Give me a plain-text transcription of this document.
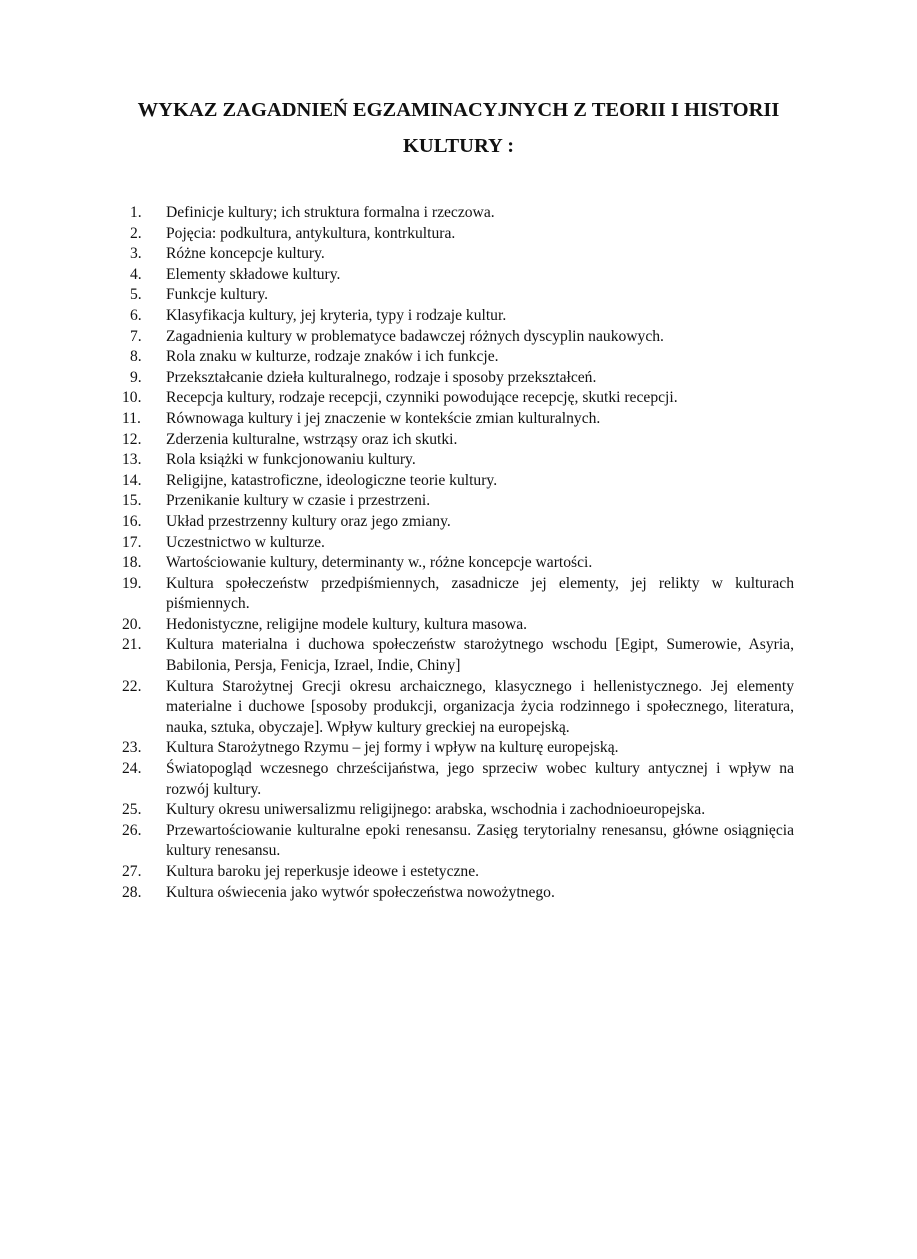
WYKAZ ZAGADNIEŃ EGZAMINACYJNYCH Z TEORII I HISTORII
KULTURY :
1.	Definicje kultury; ich struktura formalna i rzeczowa.
2.	Pojęcia: podkultura, antykultura, kontrkultura.
3.	Różne koncepcje kultury.
4.	Elementy składowe kultury.
5.	Funkcje kultury.
6.	Klasyfikacja kultury, jej kryteria, typy i rodzaje kultur.
7.	Zagadnienia kultury w problematyce badawczej różnych dyscyplin naukowych.
8.	Rola znaku w kulturze, rodzaje znaków i ich funkcje.
9.	Przekształcanie dzieła kulturalnego, rodzaje i sposoby przekształceń.
10.	Recepcja kultury, rodzaje recepcji, czynniki powodujące recepcję, skutki recepcji.
11.	Równowaga kultury i jej znaczenie w kontekście zmian kulturalnych.
12.	Zderzenia kulturalne, wstrząsy oraz ich skutki.
13.	Rola książki w funkcjonowaniu kultury.
14.	Religijne, katastroficzne, ideologiczne teorie kultury.
15.	Przenikanie kultury w czasie i przestrzeni.
16.	Układ przestrzenny kultury oraz jego zmiany.
17.	Uczestnictwo w kulturze.
18.	Wartościowanie kultury, determinanty w., różne koncepcje wartości.
19.	Kultura społeczeństw przedpiśmiennych, zasadnicze jej elementy, jej relikty w kulturach piśmiennych.
20.	Hedonistyczne, religijne modele kultury, kultura masowa.
21.	Kultura materialna i duchowa społeczeństw starożytnego wschodu [Egipt, Sumerowie, Asyria, Babilonia, Persja, Fenicja, Izrael, Indie, Chiny]
22.	Kultura Starożytnej Grecji okresu archaicznego, klasycznego i hellenistycznego. Jej elementy materialne i duchowe [sposoby produkcji, organizacja życia rodzinnego i społecznego, literatura, nauka, sztuka, obyczaje]. Wpływ kultury greckiej na europejską.
23.	Kultura Starożytnego Rzymu – jej formy i wpływ na kulturę europejską.
24.	Światopogląd wczesnego chrześcijaństwa, jego sprzeciw wobec kultury antycznej i wpływ na rozwój kultury.
25.	Kultury okresu uniwersalizmu religijnego: arabska, wschodnia i zachodnioeuropejska.
26.	Przewartościowanie kulturalne epoki renesansu. Zasięg terytorialny renesansu, główne osiągnięcia kultury renesansu.
27.	Kultura baroku jej reperkusje ideowe i estetyczne.
28.	Kultura oświecenia jako wytwór społeczeństwa nowożytnego.
